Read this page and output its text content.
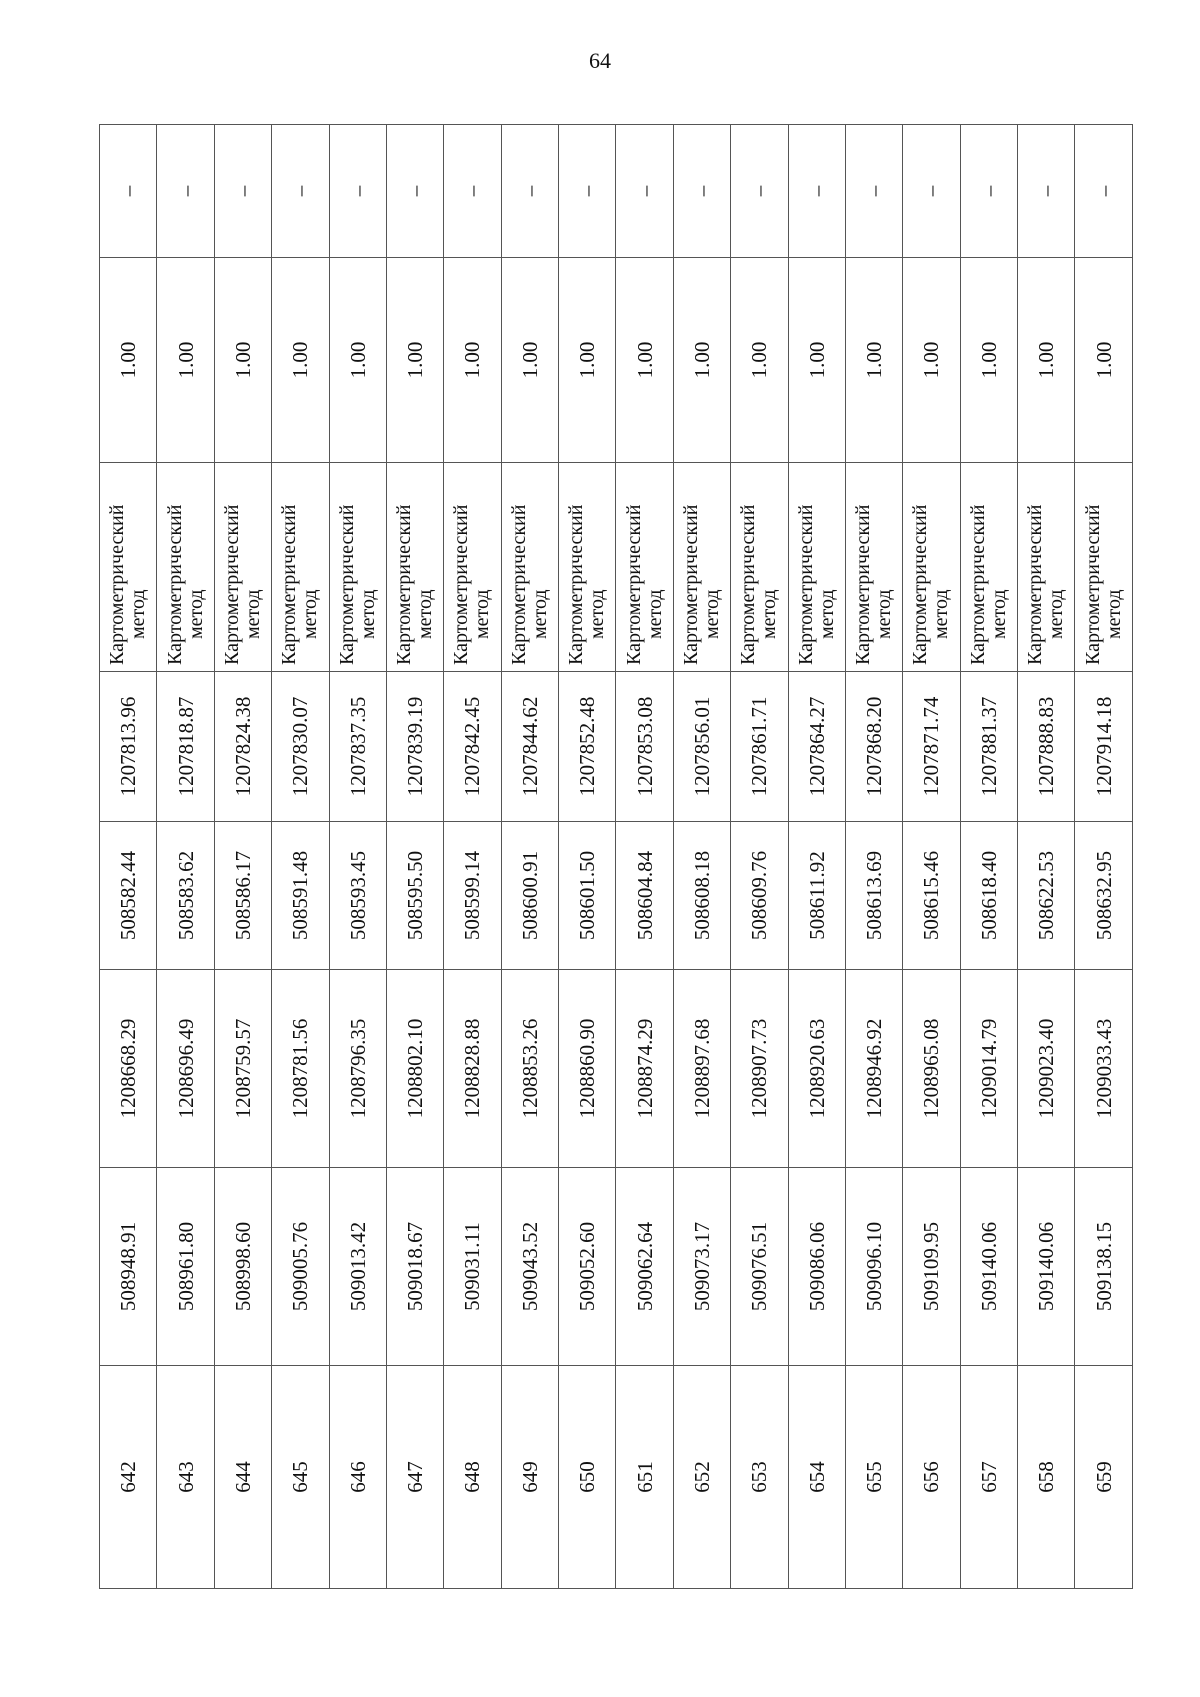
64
642	508948.91	1208668.29	508582.44	1207813.96	Картометрический метод	1.00	–
643	508961.80	1208696.49	508583.62	1207818.87	Картометрический метод	1.00	–
644	508998.60	1208759.57	508586.17	1207824.38	Картометрический метод	1.00	–
645	509005.76	1208781.56	508591.48	1207830.07	Картометрический метод	1.00	–
646	509013.42	1208796.35	508593.45	1207837.35	Картометрический метод	1.00	–
647	509018.67	1208802.10	508595.50	1207839.19	Картометрический метод	1.00	–
648	509031.11	1208828.88	508599.14	1207842.45	Картометрический метод	1.00	–
649	509043.52	1208853.26	508600.91	1207844.62	Картометрический метод	1.00	–
650	509052.60	1208860.90	508601.50	1207852.48	Картометрический метод	1.00	–
651	509062.64	1208874.29	508604.84	1207853.08	Картометрический метод	1.00	–
652	509073.17	1208897.68	508608.18	1207856.01	Картометрический метод	1.00	–
653	509076.51	1208907.73	508609.76	1207861.71	Картометрический метод	1.00	–
654	509086.06	1208920.63	508611.92	1207864.27	Картометрический метод	1.00	–
655	509096.10	1208946.92	508613.69	1207868.20	Картометрический метод	1.00	–
656	509109.95	1208965.08	508615.46	1207871.74	Картометрический метод	1.00	–
657	509140.06	1209014.79	508618.40	1207881.37	Картометрический метод	1.00	–
658	509140.06	1209023.40	508622.53	1207888.83	Картометрический метод	1.00	–
659	509138.15	1209033.43	508632.95	1207914.18	Картометрический метод	1.00	–
